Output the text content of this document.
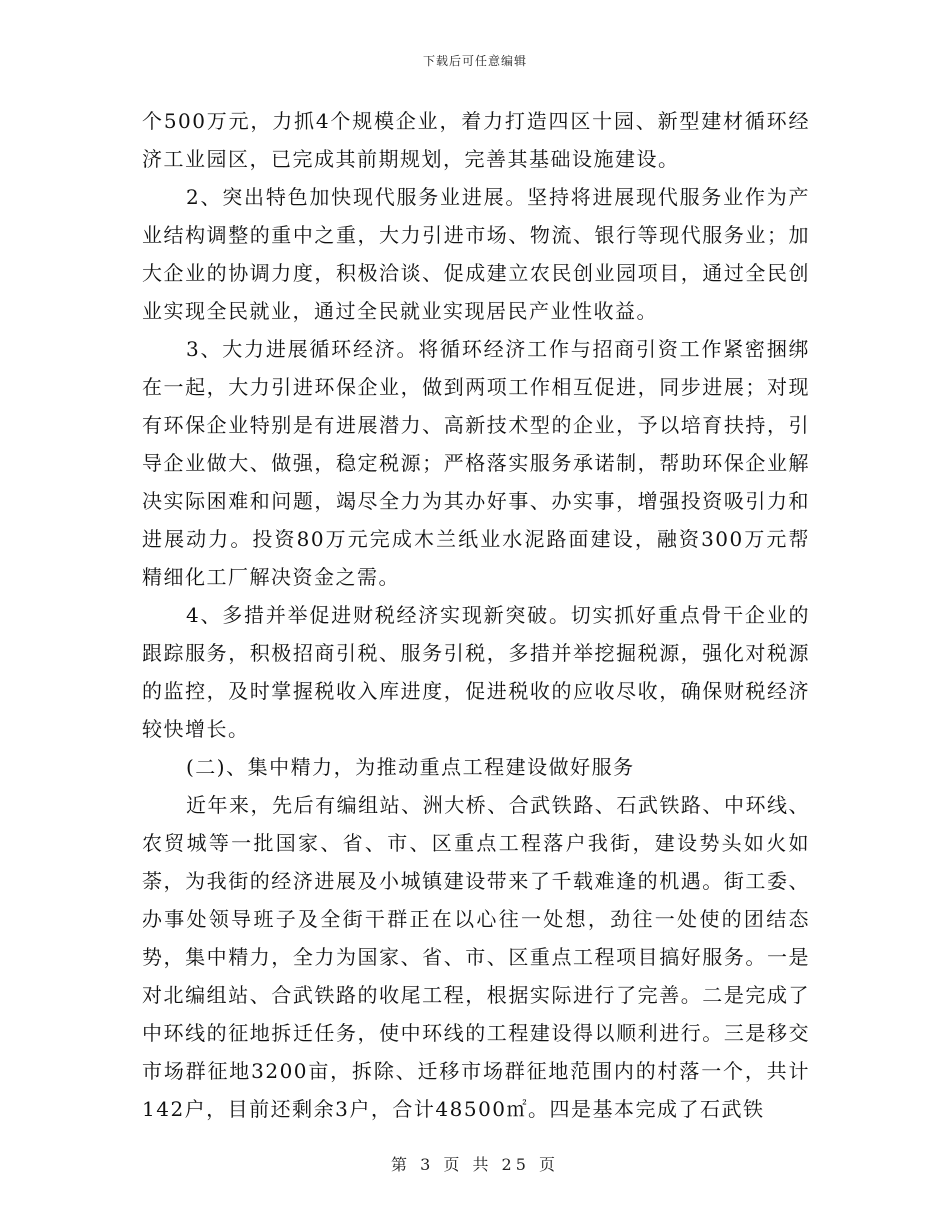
下载后可任意编辑

个500万元，力抓4个规模企业，着力打造四区十园、新型建材循环经济工业园区，已完成其前期规划，完善其基础设施建设。

2、突出特色加快现代服务业进展。坚持将进展现代服务业作为产业结构调整的重中之重，大力引进市场、物流、银行等现代服务业；加大企业的协调力度，积极洽谈、促成建立农民创业园项目，通过全民创业实现全民就业，通过全民就业实现居民产业性收益。

3、大力进展循环经济。将循环经济工作与招商引资工作紧密捆绑在一起，大力引进环保企业，做到两项工作相互促进，同步进展；对现有环保企业特别是有进展潜力、高新技术型的企业，予以培育扶持，引导企业做大、做强，稳定税源；严格落实服务承诺制，帮助环保企业解决实际困难和问题，竭尽全力为其办好事、办实事，增强投资吸引力和进展动力。投资80万元完成木兰纸业水泥路面建设，融资300万元帮精细化工厂解决资金之需。

4、多措并举促进财税经济实现新突破。切实抓好重点骨干企业的跟踪服务，积极招商引税、服务引税，多措并举挖掘税源，强化对税源的监控，及时掌握税收入库进度，促进税收的应收尽收，确保财税经济较快增长。

(二)、集中精力，为推动重点工程建设做好服务

近年来，先后有编组站、洲大桥、合武铁路、石武铁路、中环线、农贸城等一批国家、省、市、区重点工程落户我街，建设势头如火如荼，为我街的经济进展及小城镇建设带来了千载难逢的机遇。街工委、办事处领导班子及全街干群正在以心往一处想，劲往一处使的团结态势，集中精力，全力为国家、省、市、区重点工程项目搞好服务。一是对北编组站、合武铁路的收尾工程，根据实际进行了完善。二是完成了中环线的征地拆迁任务，使中环线的工程建设得以顺利进行。三是移交市场群征地3200亩，拆除、迁移市场群征地范围内的村落一个，共计142户，目前还剩余3户，合计48500㎡。四是基本完成了石武铁

第 3 页 共 25 页
